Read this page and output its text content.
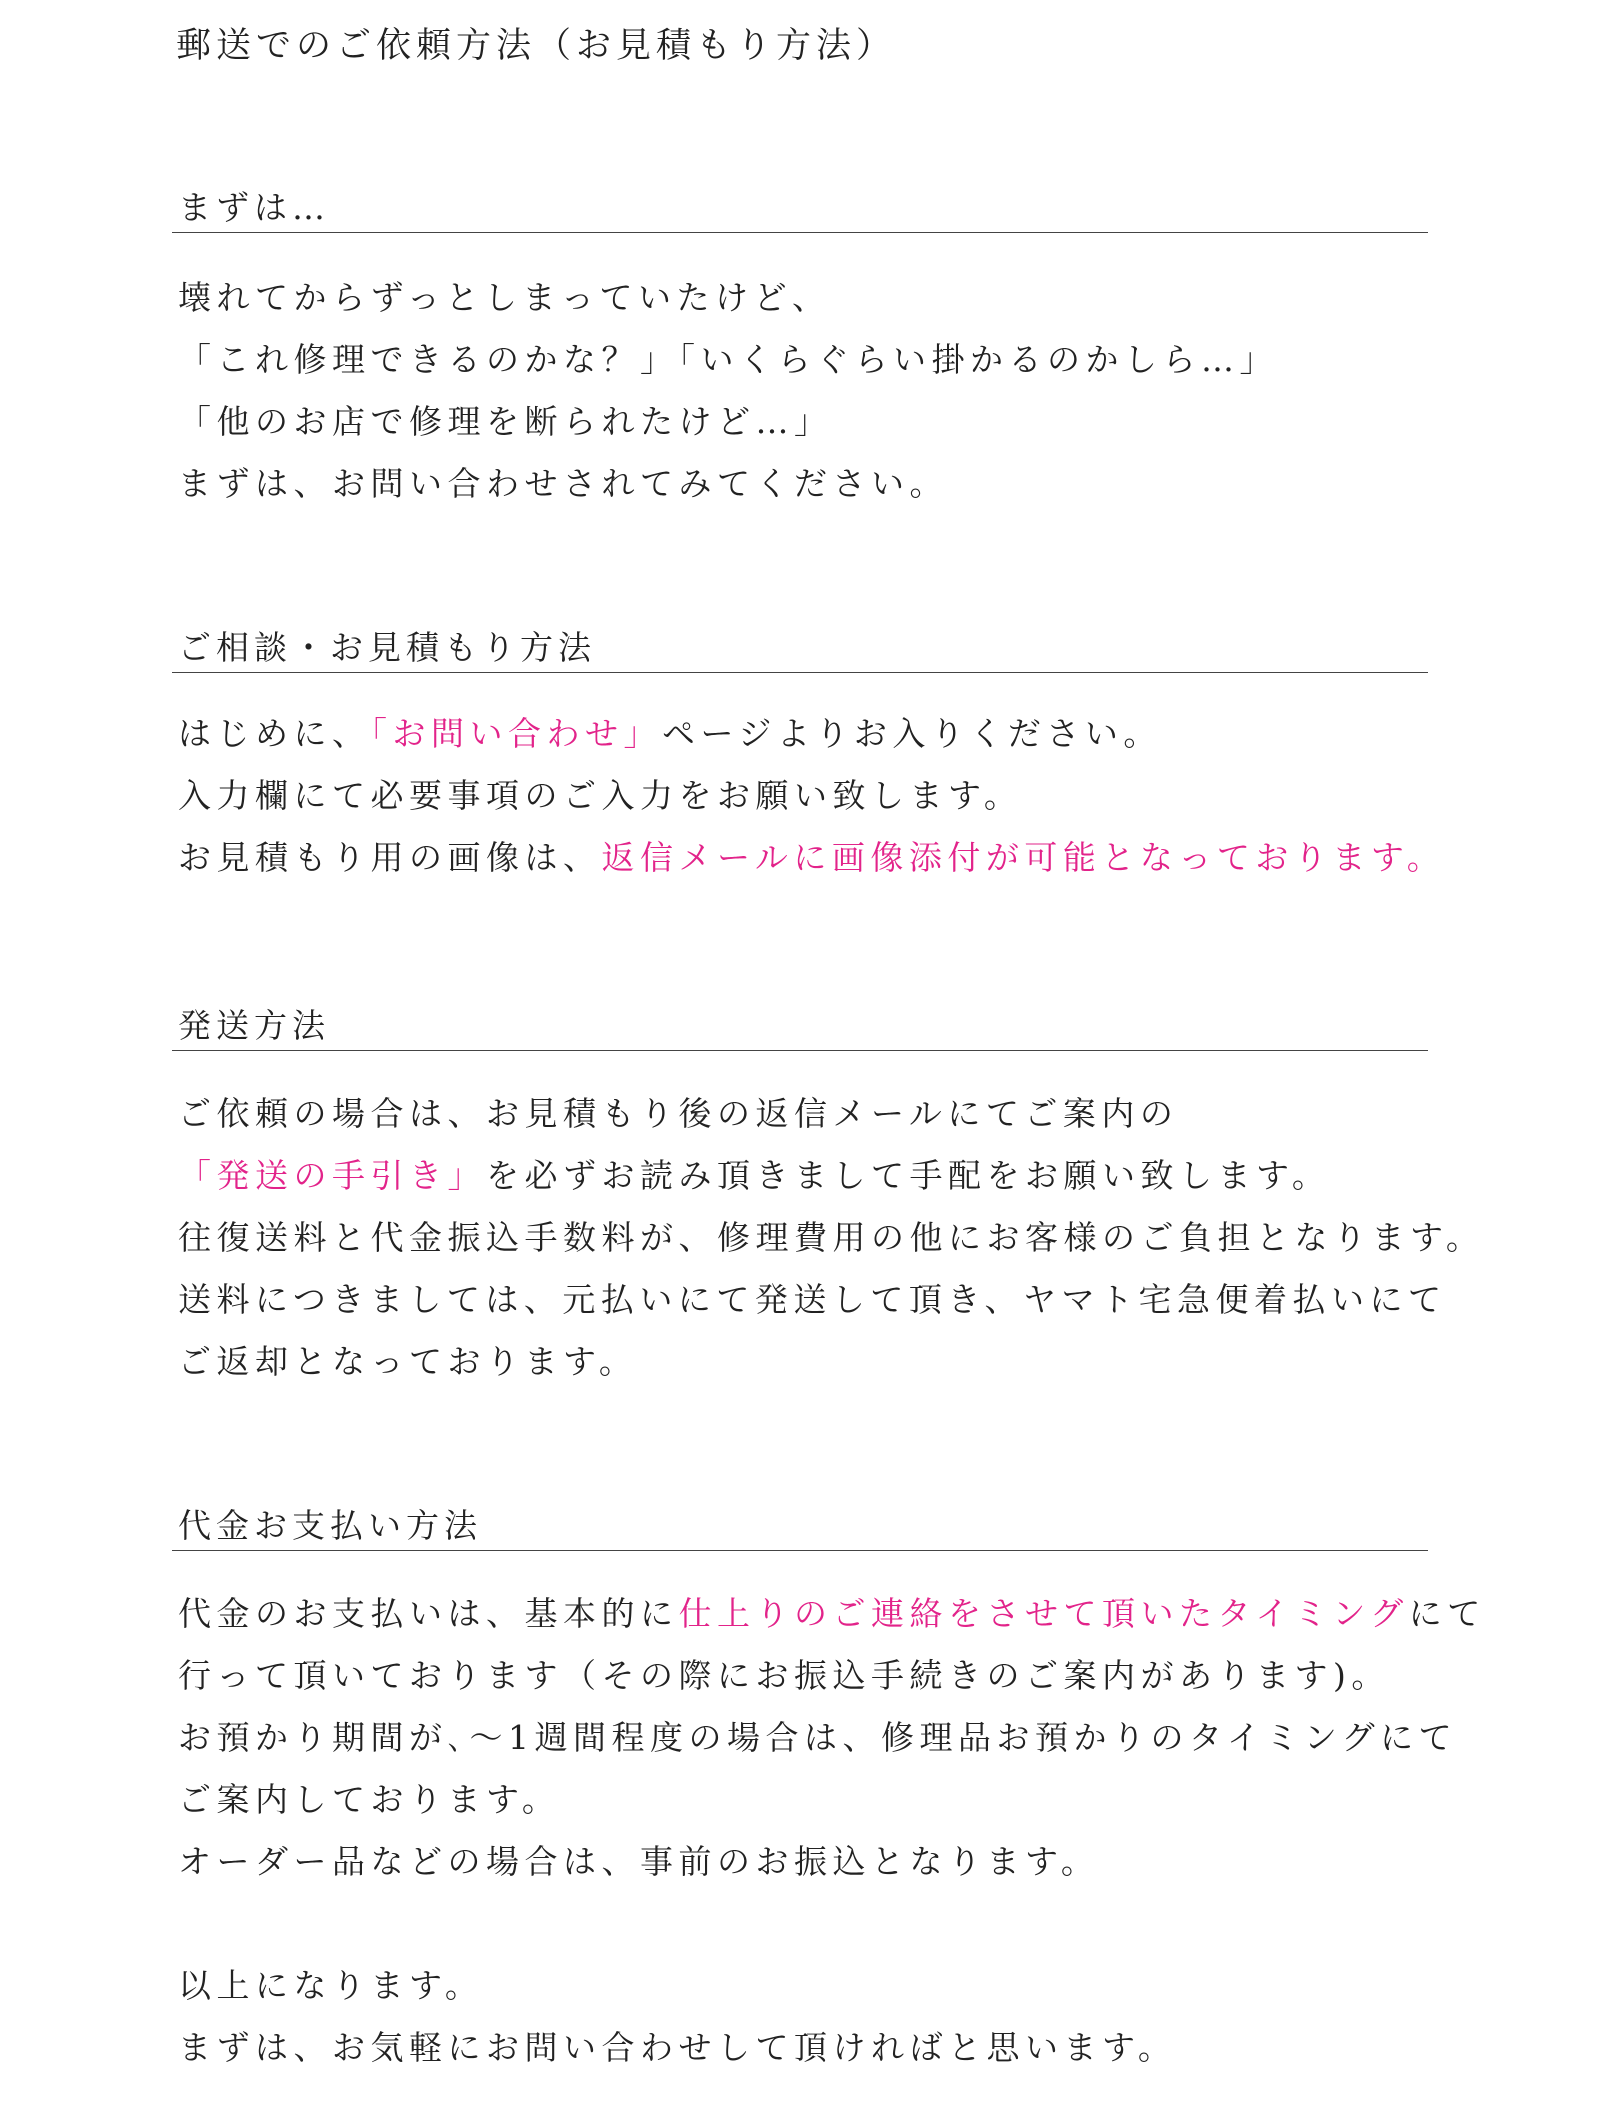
郵送でのご依頼方法（お見積もり方法）
まずは…
壊れてからずっとしまっていたけど、
「これ修理できるのかな？」「いくらぐらい掛かるのかしら…」
「他のお店で修理を断られたけど…」
まずは、お問い合わせされてみてください。
ご相談・お見積もり方法
はじめに、「お問い合わせ」ページよりお入りください。
入力欄にて必要事項のご入力をお願い致します。
お見積もり用の画像は、返信メールに画像添付が可能となっております。
発送方法
ご依頼の場合は、お見積もり後の返信メールにてご案内の
「発送の手引き」を必ずお読み頂きまして手配をお願い致します。
往復送料と代金振込手数料が、修理費用の他にお客様のご負担となります。
送料につきましては、元払いにて発送して頂き、ヤマト宅急便着払いにて
ご返却となっております。
代金お支払い方法
代金のお支払いは、基本的に仕上りのご連絡をさせて頂いたタイミングにて
行って頂いております（その際にお振込手続きのご案内があります)。
お預かり期間が､～1週間程度の場合は、修理品お預かりのタイミングにて
ご案内しております。
オーダー品などの場合は、事前のお振込となります。
以上になります。
まずは、お気軽にお問い合わせして頂ければと思います。
